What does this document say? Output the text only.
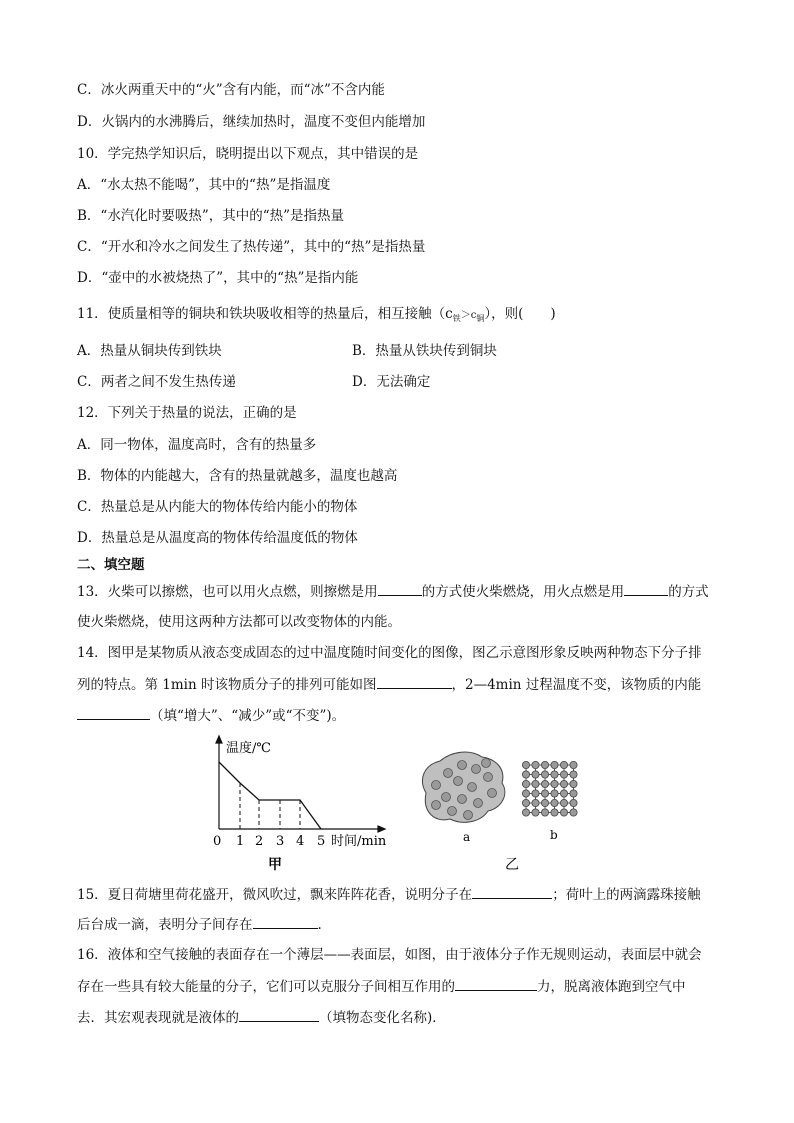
C．冰火两重天中的“火”含有内能，而“冰”不含内能
D．火锅内的水沸腾后，继续加热时，温度不变但内能增加
10．学完热学知识后，晓明提出以下观点，其中错误的是
A．“水太热不能喝”，其中的“热”是指温度
B．“水汽化时要吸热”，其中的“热”是指热量
C．“开水和冷水之间发生了热传递”，其中的“热”是指热量
D．“壶中的水被烧热了”，其中的“热”是指内能
11．使质量相等的铜块和铁块吸收相等的热量后，相互接触$(c_铁>c_铜)$，则(　　)
A．热量从铜块传到铁块	B．热量从铁块传到铜块
C．两者之间不发生热传递	D．无法确定
12．下列关于热量的说法，正确的是
A．同一物体，温度高时，含有的热量多
B．物体的内能越大，含有的热量就越多，温度也越高
C．热量总是从内能大的物体传给内能小的物体
D．热量总是从温度高的物体传给温度低的物体
二、填空题
13．火柴可以擦燃，也可以用火点燃，则擦燃是用	的方式使火柴燃烧，用火点燃是用	的方式
使火柴燃烧，使用这两种方法都可以改变物体的内能。
14．图甲是某物质从液态变成固态的过中温度随时间变化的图像，图乙示意图形象反映两种物态下分子排
列的特点。第 1min 时该物质分子的排列可能如图	，2—4min 过程温度不变，该物质的内能
（填“增大”、“减少”或“不变”)。
温度/℃
0 1 2 3 4 5 时间/min
甲
a	b
乙
15．夏日荷塘里荷花盛开，微风吹过，飘来阵阵花香，说明分子在	；荷叶上的两滴露珠接触
后台成一滴，表明分子间存在	.
16．液体和空气接触的表面存在一个薄层——表面层，如图，由于液体分子作无规则运动，表面层中就会
存在一些具有较大能量的分子，它们可以克服分子间相互作用的	力，脱离液体跑到空气中
去．其宏观表现就是液体的	（填物态变化名称)．
